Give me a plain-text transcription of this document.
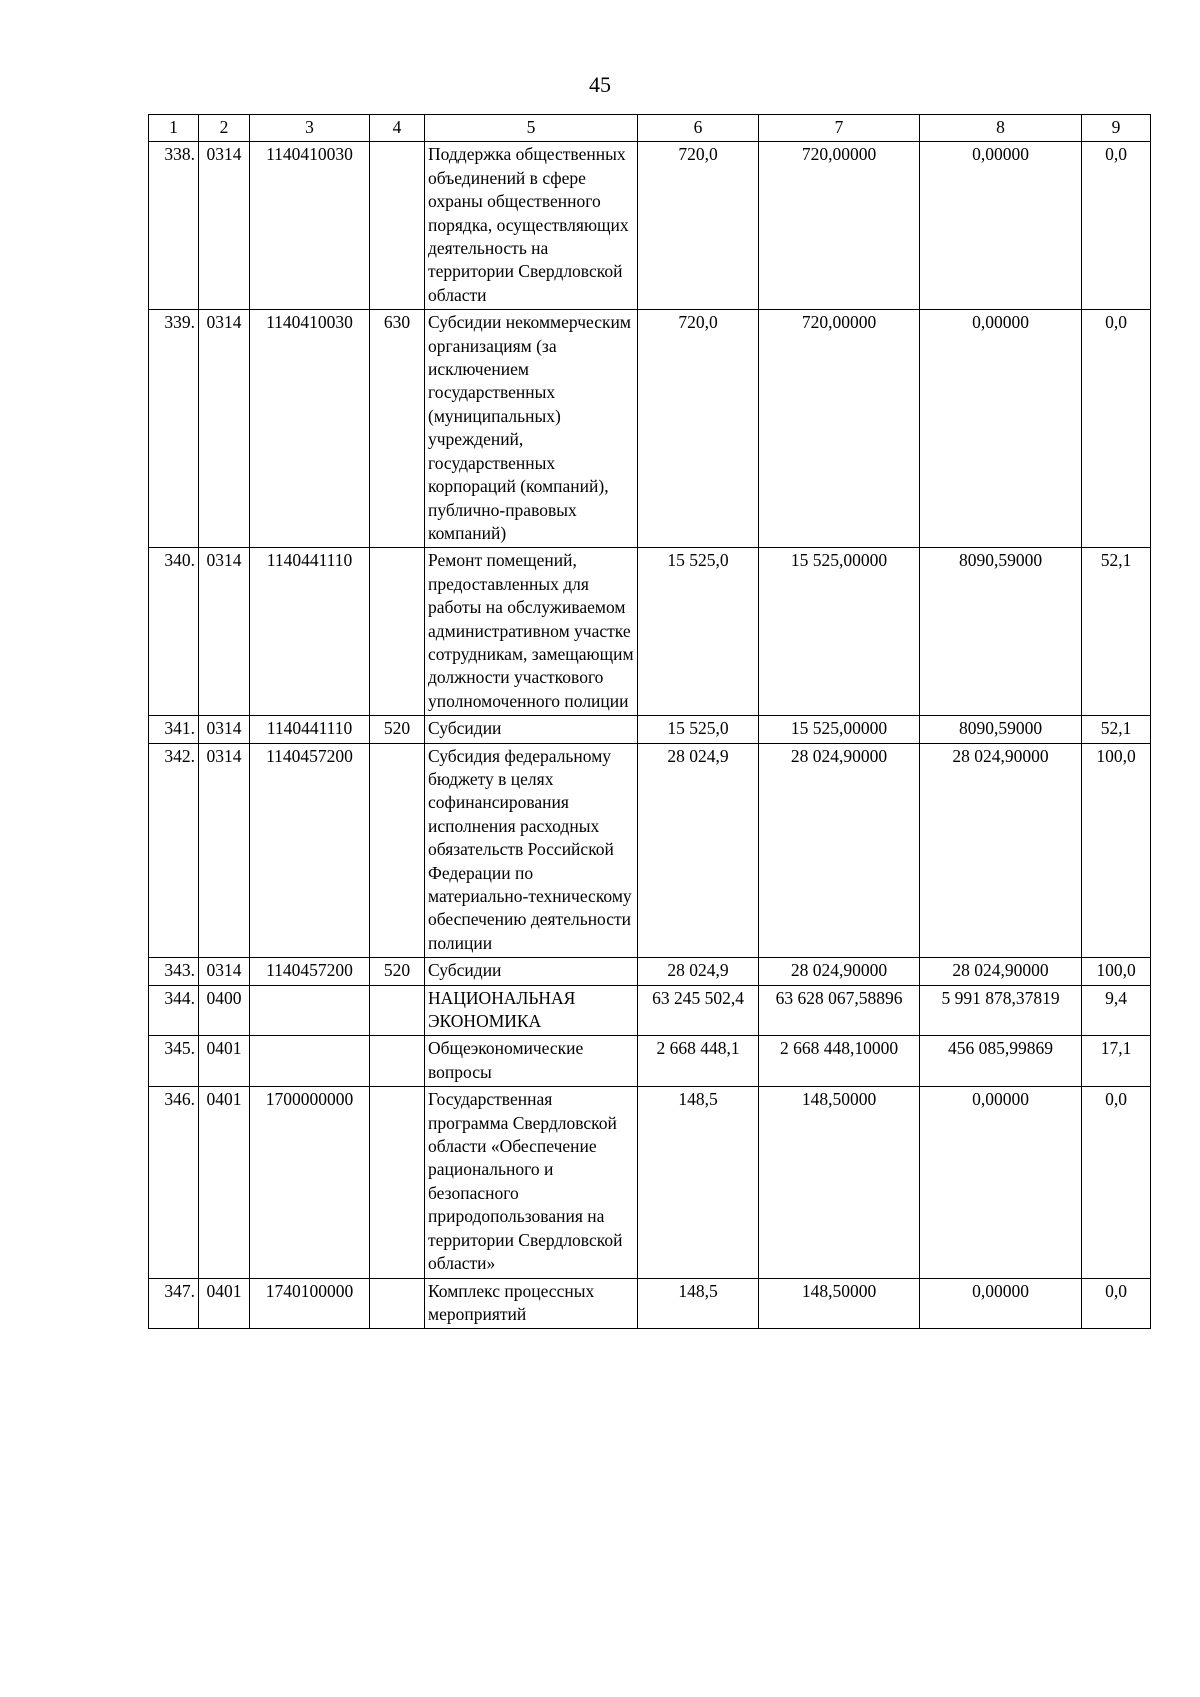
45
1	2	3	4	5	6	7	8	9
338.	0314	1140410030		Поддержка общественных объединений в сфере охраны общественного порядка, осуществляющих деятельность на территории Свердловской области	720,0	720,00000	0,00000	0,0
339.	0314	1140410030	630	Субсидии некоммерческим организациям (за исключением государственных (муниципальных) учреждений, государственных корпораций (компаний), публично-правовых компаний)	720,0	720,00000	0,00000	0,0
340.	0314	1140441110		Ремонт помещений, предоставленных для работы на обслуживаемом административном участке сотрудникам, замещающим должности участкового уполномоченного полиции	15 525,0	15 525,00000	8090,59000	52,1
341.	0314	1140441110	520	Субсидии	15 525,0	15 525,00000	8090,59000	52,1
342.	0314	1140457200		Субсидия федеральному бюджету в целях софинансирования исполнения расходных обязательств Российской Федерации по материально-техническому обеспечению деятельности полиции	28 024,9	28 024,90000	28 024,90000	100,0
343.	0314	1140457200	520	Субсидии	28 024,9	28 024,90000	28 024,90000	100,0
344.	0400			НАЦИОНАЛЬНАЯ ЭКОНОМИКА	63 245 502,4	63 628 067,58896	5 991 878,37819	9,4
345.	0401			Общеэкономические вопросы	2 668 448,1	2 668 448,10000	456 085,99869	17,1
346.	0401	1700000000		Государственная программа Свердловской области «Обеспечение рационального и безопасного природопользования на территории Свердловской области»	148,5	148,50000	0,00000	0,0
347.	0401	1740100000		Комплекс процессных мероприятий	148,5	148,50000	0,00000	0,0
